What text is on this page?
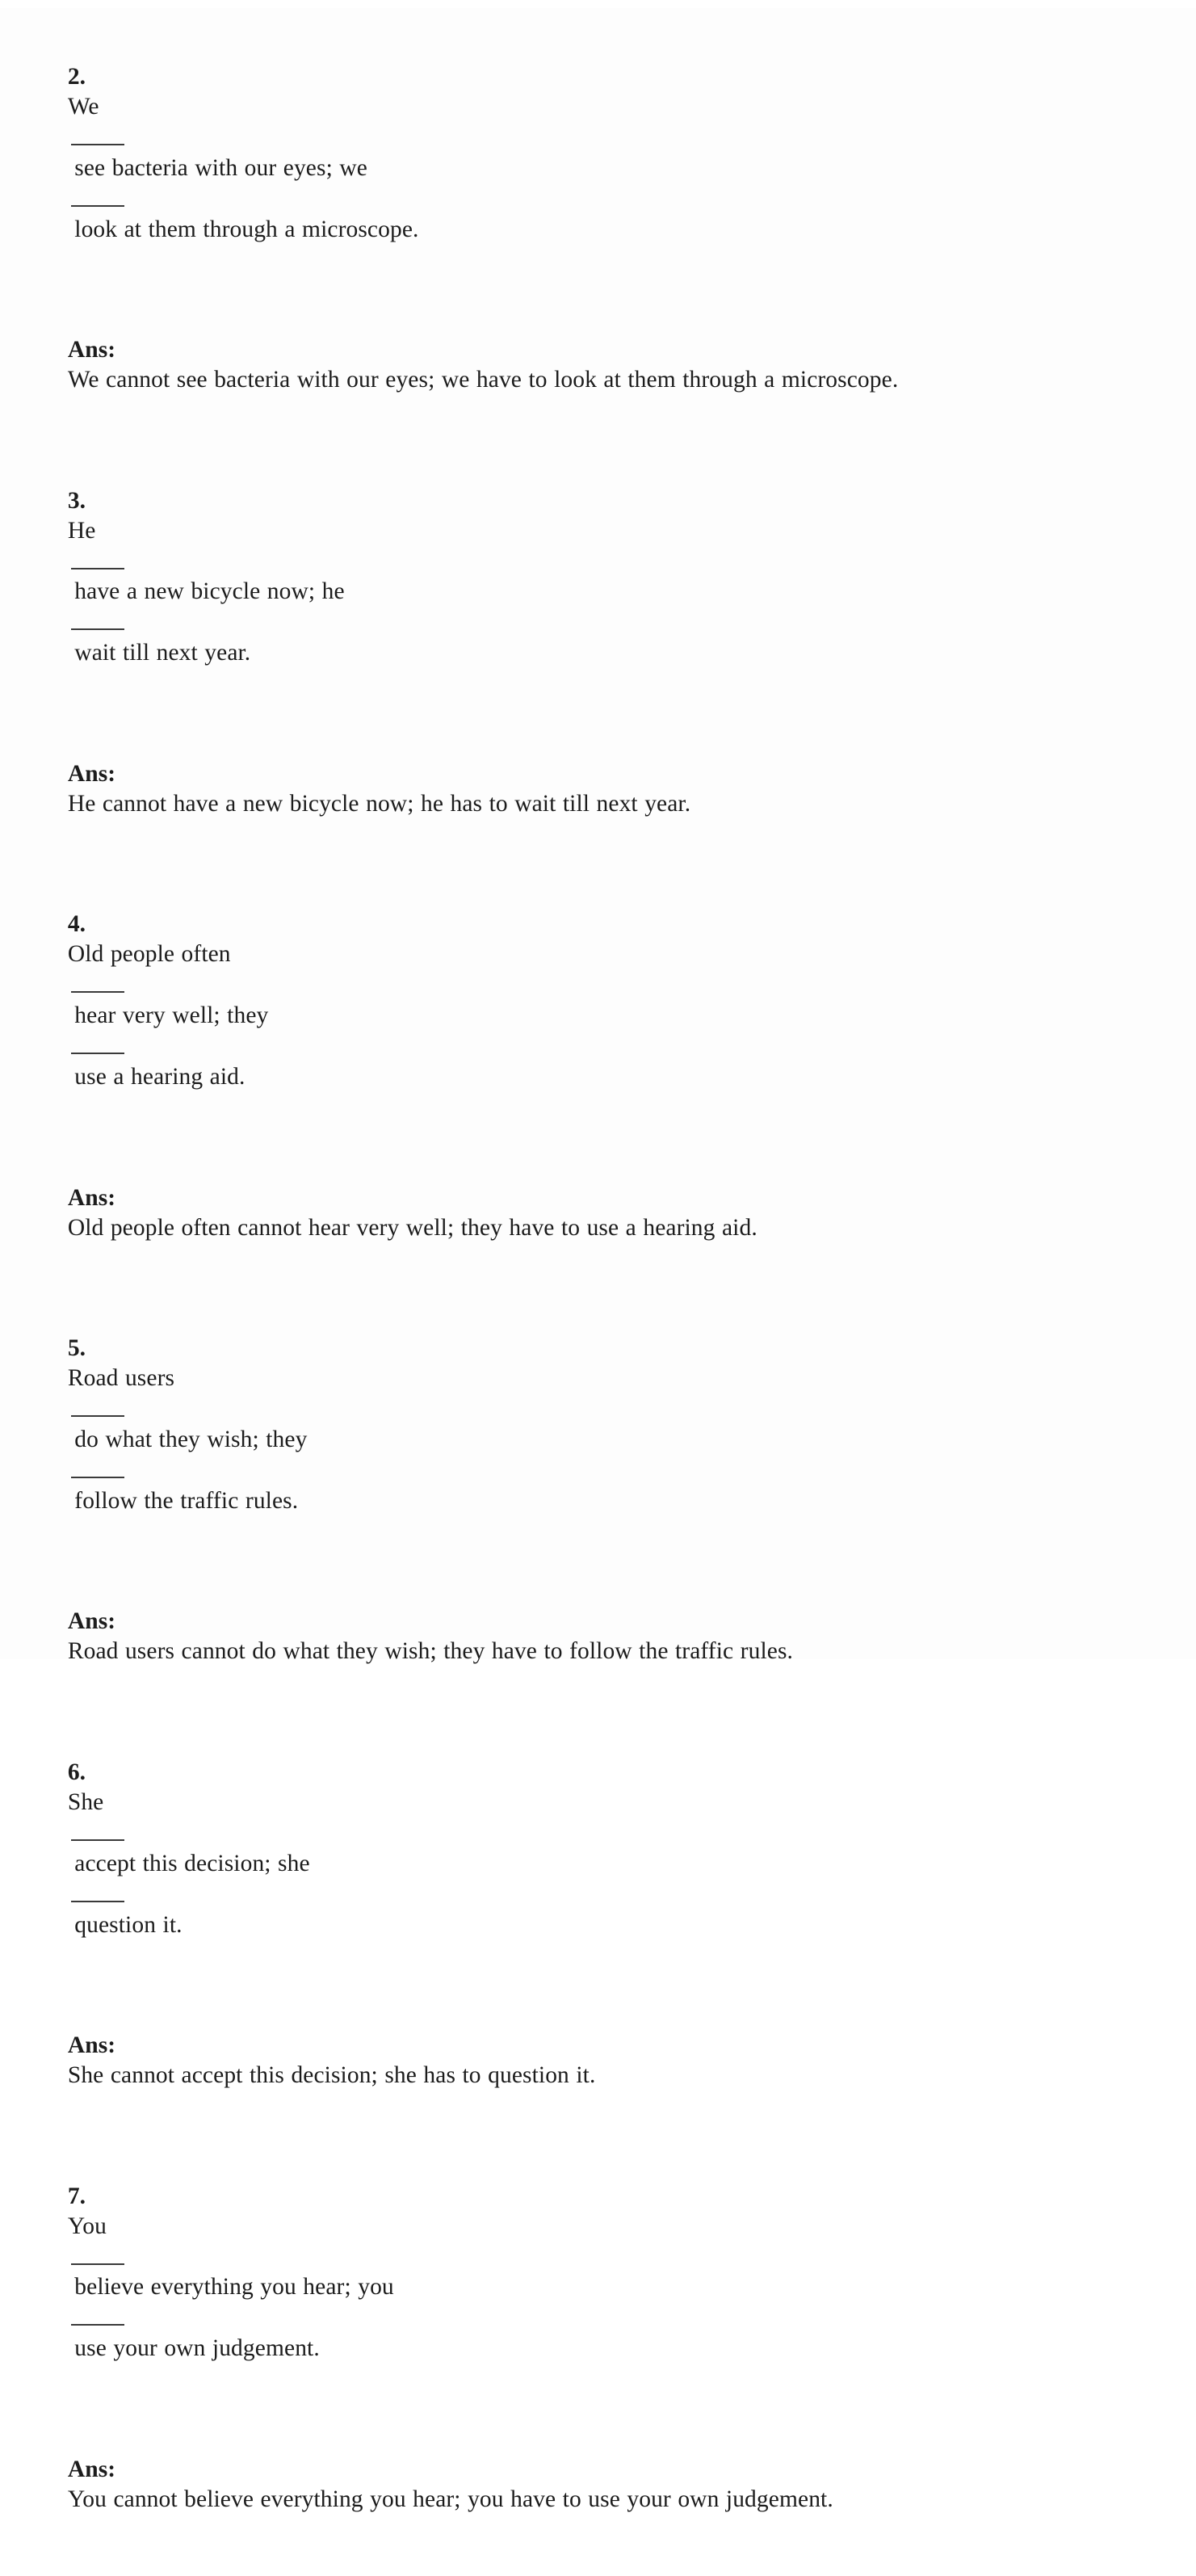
2.
We

see bacteria with our eyes; we

look at them through a microscope.

Ans:
We cannot see bacteria with our eyes; we have to look at them through a microscope.

3.
He

have a new bicycle now; he

wait till next year.

Ans:
He cannot have a new bicycle now; he has to wait till next year.

4.
Old people often

hear very well; they

use a hearing aid.

Ans:
Old people often cannot hear very well; they have to use a hearing aid.

5.
Road users

do what they wish; they

follow the traffic rules.

Ans:
Road users cannot do what they wish; they have to follow the traffic rules.

6.
She

accept this decision; she

question it.

Ans:
She cannot accept this decision; she has to question it.

7.
You

believe everything you hear; you

use your own judgement.

Ans:
You cannot believe everything you hear; you have to use your own judgement.
